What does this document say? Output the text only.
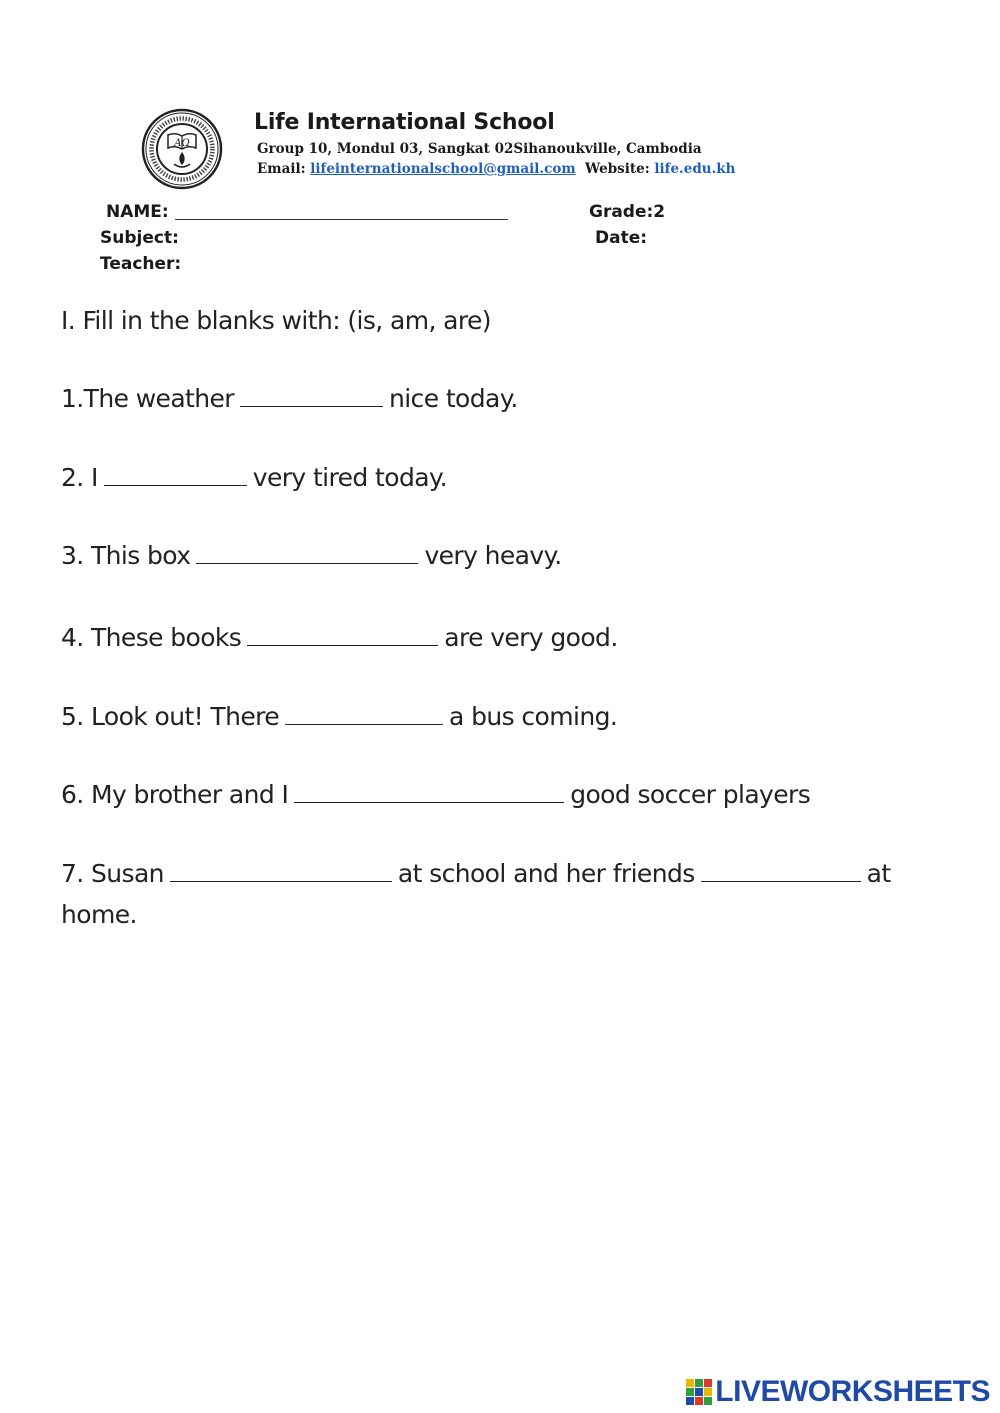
AΩ
Life International School
Group 10, Mondul 03, Sangkat 02Sihanoukville, Cambodia
Email: lifeinternationalschool@gmail.com Website: life.edu.kh
NAME:	Grade:2
Subject:	Date:
Teacher:
I. Fill in the blanks with: (is, am, are)
1.The weather	nice today.
2. I	very tired today.
3. This box	very heavy.
4. These books	are very good.
5. Look out! There	a bus coming.
6. My brother and I	good soccer players
7. Susan	at school and her friends	at
home.
LIVEWORKSHEETS
